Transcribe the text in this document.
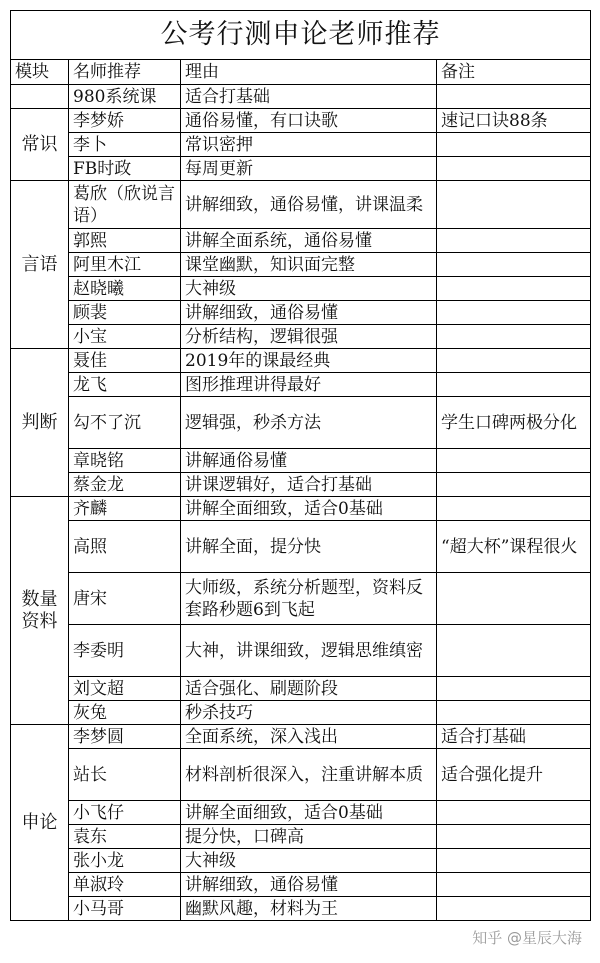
公考行测申论老师推荐			
模块	名师推荐	理由	备注
	980系统课	适合打基础	
常识	李梦娇	通俗易懂，有口诀歌	速记口诀88条
	李卜	常识密押	
	FB时政	每周更新	
言语	葛欣（欣说言语）	讲解细致，通俗易懂，讲课温柔	
	郭熙	讲解全面系统，通俗易懂	
	阿里木江	课堂幽默，知识面完整	
	赵晓曦	大神级	
	顾裴	讲解细致，通俗易懂	
	小宝	分析结构，逻辑很强	
判断	聂佳	2019年的课最经典	
	龙飞	图形推理讲得最好	
	勾不了沉	逻辑强，秒杀方法	学生口碑两极分化
	章晓铭	讲解通俗易懂	
	蔡金龙	讲课逻辑好，适合打基础	
数量资料	齐麟	讲解全面细致，适合0基础	
	高照	讲解全面，提分快	“超大杯”课程很火
	唐宋	大师级，系统分析题型，资料反套路秒题6到飞起	
	李委明	大神，讲课细致，逻辑思维缜密	
	刘文超	适合强化、刷题阶段	
	灰兔	秒杀技巧	
申论	李梦圆	全面系统，深入浅出	适合打基础
	站长	材料剖析很深入，注重讲解本质	适合强化提升
	小飞仔	讲解全面细致，适合0基础	
	袁东	提分快，口碑高	
	张小龙	大神级	
	单淑玲	讲解细致，通俗易懂	
	小马哥	幽默风趣，材料为王	
知乎 @星辰大海
